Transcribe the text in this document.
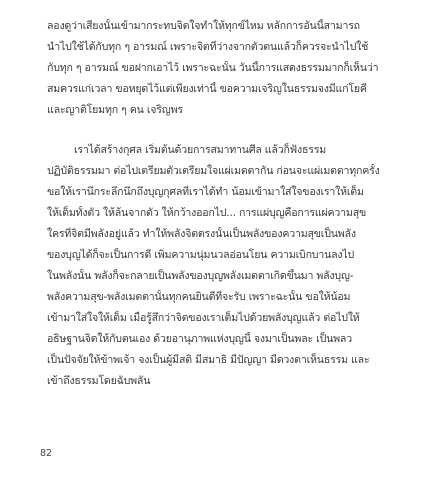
ลองดูว่าเสียงนั้นเข้ามากระทบจิตใจทำให้ทุกข์ไหม หลักการอันนี้สามารถ
นำไปใช้ได้กับทุก ๆ อารมณ์ เพราะจิตที่ว่างจากตัวตนแล้วก็ควรจะนำไปใช้
กับทุก ๆ อารมณ์ ขอฝากเอาไว้ เพราะฉะนั้น วันนี้การแสดงธรรมมากก็เห็นว่า
สมควรแก่เวลา ขอหยุดไว้แต่เพียงเท่านี้ ขอความเจริญในธรรมจงมีแก่โยคี
และญาติโยมทุก ๆ คน เจริญพร
เราได้สร้างกุศล เริ่มต้นด้วยการสมาทานศีล แล้วก็ฟังธรรม
ปฏิบัติธรรมมา ต่อไปเตรียมตัวเตรียมใจแผ่เมตตากัน ก่อนจะแผ่เมตตาทุกครั้ง
ขอให้เรานึกระลึกนึกถึงบุญกุศลที่เราได้ทำ น้อมเข้ามาใส่ใจของเราให้เต็ม
ให้เต็มทั้งตัว ให้ล้นจากตัว ให้กว้างออกไป... การแผ่บุญคือการแผ่ความสุข
ใครที่จิตมีพลังอยู่แล้ว ทำให้พลังจิตตรงนั้นเป็นพลังของความสุขเป็นพลัง
ของบุญได้ก็จะเป็นการดี เพิ่มความนุ่มนวลอ่อนโยน ความเบิกบานลงไป
ในพลังนั้น พลังก็จะกลายเป็นพลังของบุญพลังเมตตาเกิดขึ้นมา พลังบุญ-
พลังความสุข-พลังเมตตานั้นทุกคนยินดีที่จะรับ เพราะฉะนั้น ขอให้น้อม
เข้ามาใส่ใจให้เต็ม เมื่อรู้สึกว่าจิตของเราเต็มไปด้วยพลังบุญแล้ว ต่อไปให้
อธิษฐานจิตให้กับตนเอง ด้วยอานุภาพแห่งบุญนี้ จงมาเป็นพละ เป็นพลว
เป็นปัจจัยให้ข้าพเจ้า จงเป็นผู้มีสติ มีสมาธิ มีปัญญา มีดวงตาเห็นธรรม และ
เข้าถึงธรรมโดยฉับพลัน
82
